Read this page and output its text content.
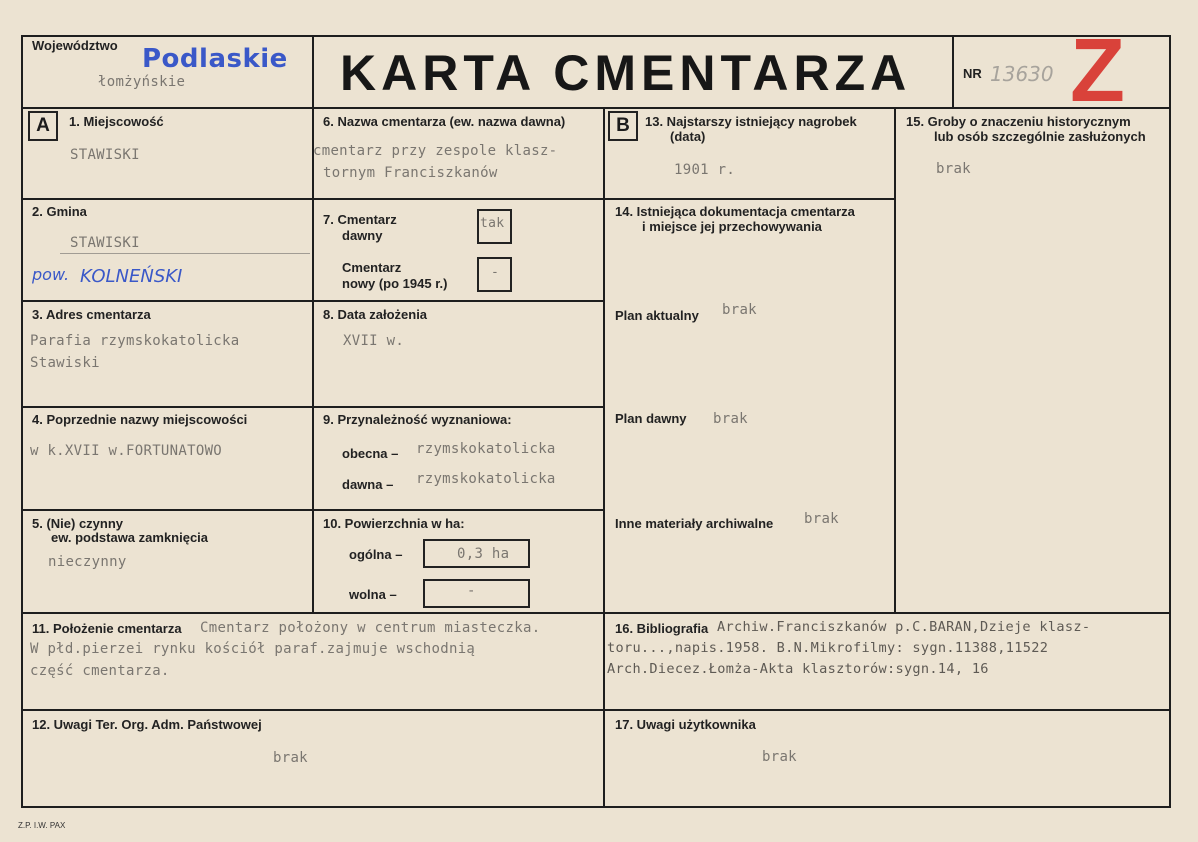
Województwo Podlaskie
łomżyńskie	KARTA CMENTARZA	NR 13630 Z
A	1. Miejscowość
STAWISKI
2. Gmina
STAWISKI
pow. KOLNEŃSKI
3. Adres cmentarza
Parafia rzymskokatolicka
Stawiski
4. Poprzednie nazwy miejscowości
w k.XVII w.FORTUNATOWO
5. (Nie) czynny
ew. podstawa zamknięcia
nieczynny
6. Nazwa cmentarza (ew. nazwa dawna)
cmentarz przy zespole klasz-
tornym Franciszkanów
7. Cmentarz
dawny
tak
Cmentarz
nowy (po 1945 r.)
-
8. Data założenia
XVII w.
9. Przynależność wyznaniowa:
obecna – rzymskokatolicka
dawna – rzymskokatolicka
10. Powierzchnia w ha:
ogólna –	0,3 ha
wolna –	-
B	13. Najstarszy istniejący nagrobek
(data)
1901 r.
14. Istniejąca dokumentacja cmentarza
i miejsce jej przechowywania
Plan aktualny brak
Plan dawny brak
Inne materiały archiwalne brak
15. Groby o znaczeniu historycznym
lub osób szczególnie zasłużonych
brak
11. Położenie cmentarza Cmentarz położony w centrum miasteczka.
W płd.pierzei rynku kościół paraf.zajmuje wschodnią
część cmentarza.
16. Bibliografia Archiw.Franciszkanów p.C.BARAN,Dzieje klasz-
toru...,napis.1958. B.N.Mikrofilmy: sygn.11388,11522
Arch.Diecez.Łomża-Akta klasztorów:sygn.14, 16
12. Uwagi Ter. Org. Adm. Państwowej
brak
17. Uwagi użytkownika
brak
Z.P. I.W. PAX
